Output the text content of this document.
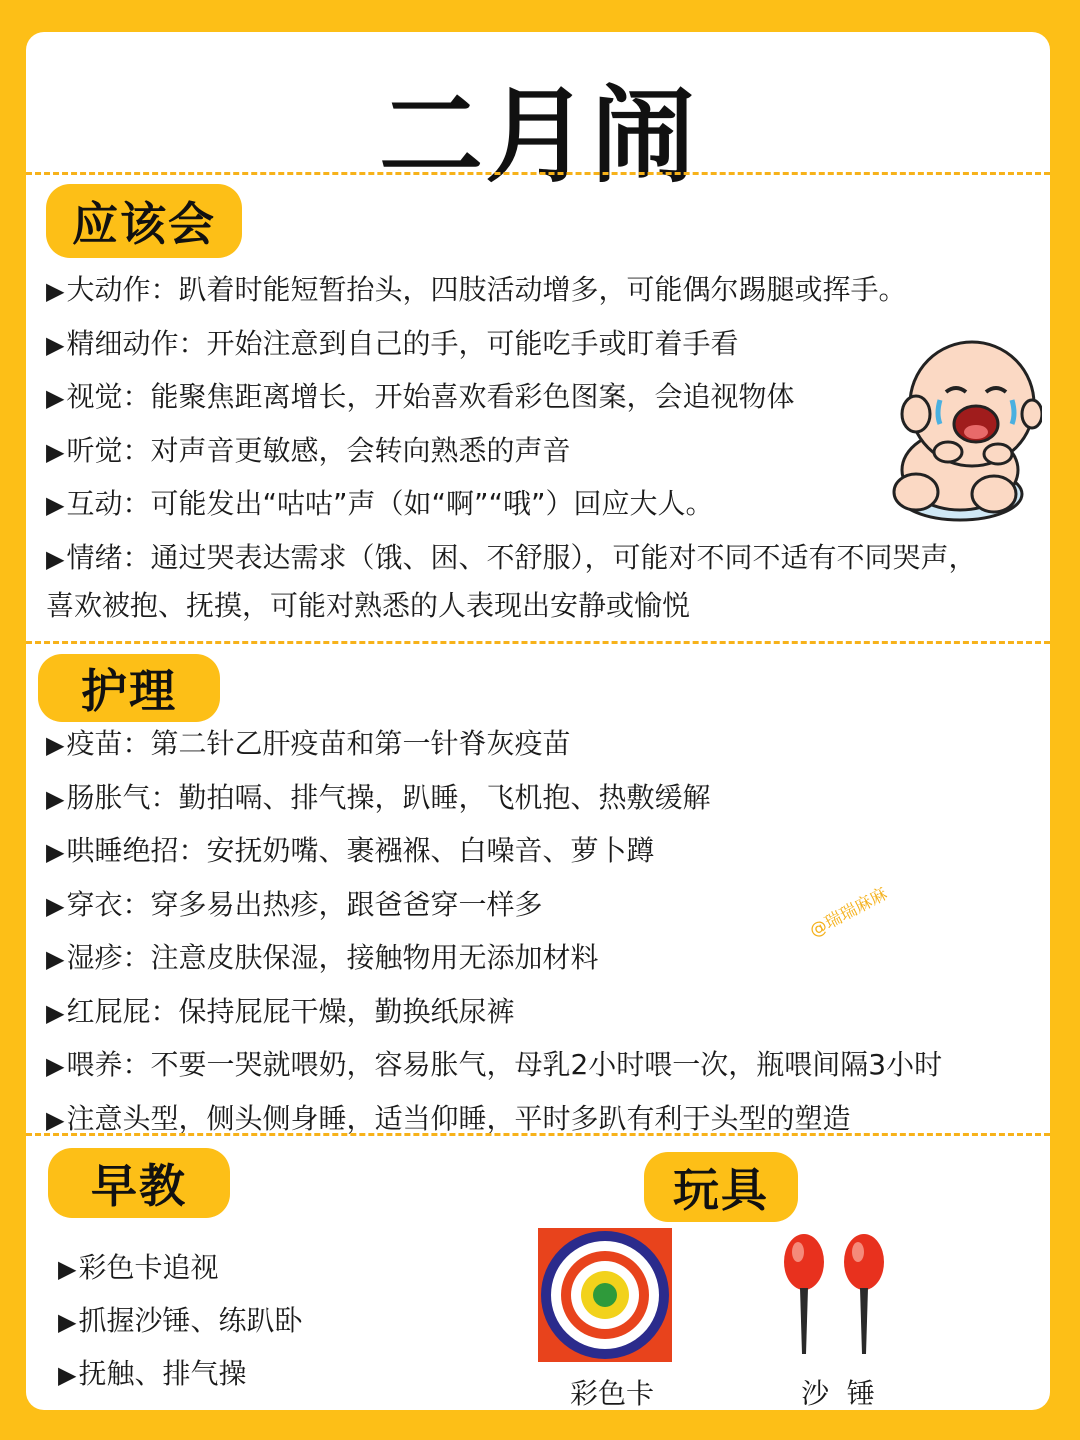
二月闹
应该会
▶大动作：趴着时能短暂抬头，四肢活动增多，可能偶尔踢腿或挥手。
▶精细动作：开始注意到自己的手，可能吃手或盯着手看
▶视觉：能聚焦距离增长，开始喜欢看彩色图案，会追视物体
▶听觉：对声音更敏感，会转向熟悉的声音
▶互动：可能发出“咕咕”声（如“啊”“哦”）回应大人。
▶情绪：通过哭表达需求（饿、困、不舒服），可能对不同不适有不同哭声，
喜欢被抱、抚摸，可能对熟悉的人表现出安静或愉悦
护理
▶疫苗：第二针乙肝疫苗和第一针脊灰疫苗
▶肠胀气：勤拍嗝、排气操，趴睡，飞机抱、热敷缓解
▶哄睡绝招：安抚奶嘴、裹襁褓、白噪音、萝卜蹲
▶穿衣：穿多易出热疹，跟爸爸穿一样多
▶湿疹：注意皮肤保湿，接触物用无添加材料
▶红屁屁：保持屁屁干燥，勤换纸尿裤
▶喂养：不要一哭就喂奶，容易胀气，母乳2小时喂一次，瓶喂间隔3小时
▶注意头型，侧头侧身睡，适当仰睡，平时多趴有利于头型的塑造
@瑞瑞麻麻
早教
▶彩色卡追视
▶抓握沙锤、练趴卧
▶抚触、排气操
玩具
彩色卡	沙  锤
